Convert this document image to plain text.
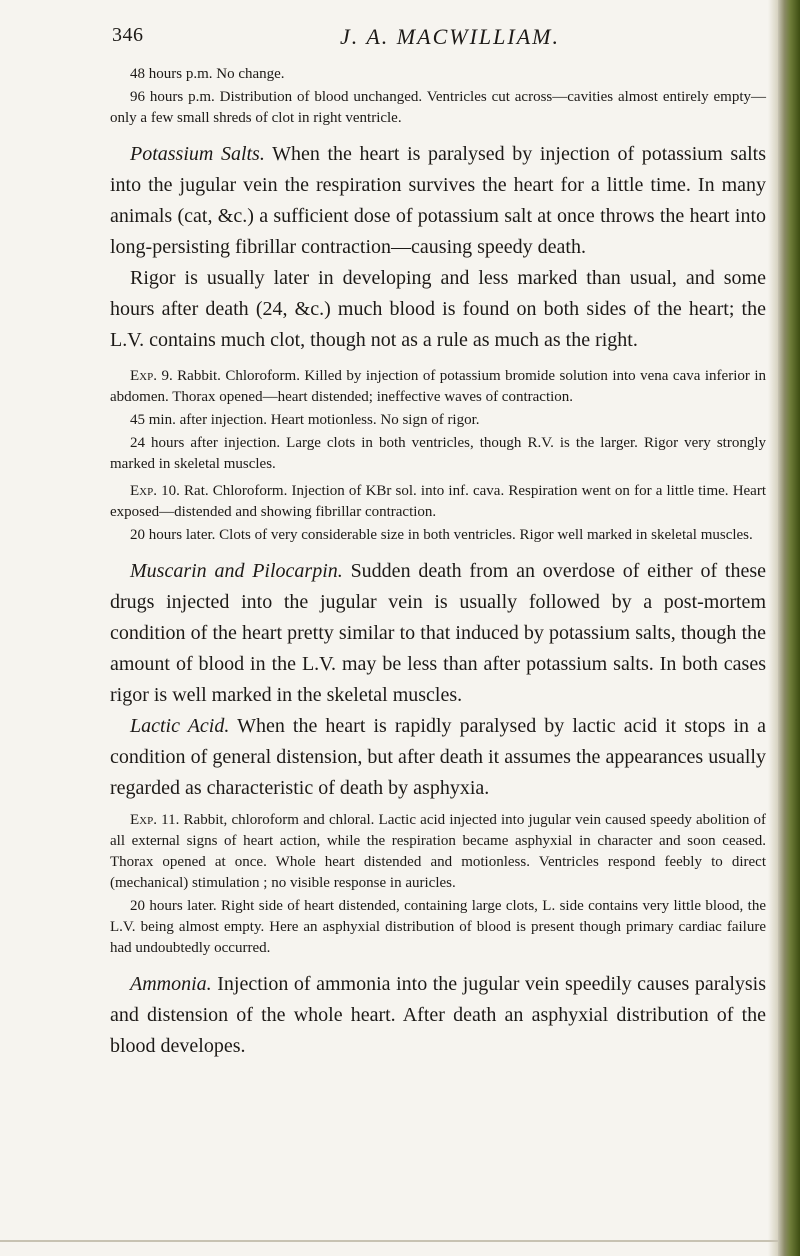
346	J. A. MACWILLIAM.

48 hours p.m. No change.

96 hours p.m. Distribution of blood unchanged. Ventricles cut across—cavities almost entirely empty—only a few small shreds of clot in right ventricle.

Potassium Salts. When the heart is paralysed by injection of potassium salts into the jugular vein the respiration survives the heart for a little time. In many animals (cat, &c.) a sufficient dose of potassium salt at once throws the heart into long-persisting fibrillar contraction—causing speedy death.

Rigor is usually later in developing and less marked than usual, and some hours after death (24, &c.) much blood is found on both sides of the heart; the L.V. contains much clot, though not as a rule as much as the right.

Exp. 9. Rabbit. Chloroform. Killed by injection of potassium bromide solution into vena cava inferior in abdomen. Thorax opened—heart distended; ineffective waves of contraction.

45 min. after injection. Heart motionless. No sign of rigor.

24 hours after injection. Large clots in both ventricles, though R.V. is the larger. Rigor very strongly marked in skeletal muscles.

Exp. 10. Rat. Chloroform. Injection of KBr sol. into inf. cava. Respiration went on for a little time. Heart exposed—distended and showing fibrillar contraction.

20 hours later. Clots of very considerable size in both ventricles. Rigor well marked in skeletal muscles.

Muscarin and Pilocarpin. Sudden death from an overdose of either of these drugs injected into the jugular vein is usually followed by a post-mortem condition of the heart pretty similar to that induced by potassium salts, though the amount of blood in the L.V. may be less than after potassium salts. In both cases rigor is well marked in the skeletal muscles.

Lactic Acid. When the heart is rapidly paralysed by lactic acid it stops in a condition of general distension, but after death it assumes the appearances usually regarded as characteristic of death by asphyxia.

Exp. 11. Rabbit, chloroform and chloral. Lactic acid injected into jugular vein caused speedy abolition of all external signs of heart action, while the respiration became asphyxial in character and soon ceased. Thorax opened at once. Whole heart distended and motionless. Ventricles respond feebly to direct (mechanical) stimulation ; no visible response in auricles.

20 hours later. Right side of heart distended, containing large clots, L. side contains very little blood, the L.V. being almost empty. Here an asphyxial distribution of blood is present though primary cardiac failure had undoubtedly occurred.

Ammonia. Injection of ammonia into the jugular vein speedily causes paralysis and distension of the whole heart. After death an asphyxial distribution of the blood developes.
